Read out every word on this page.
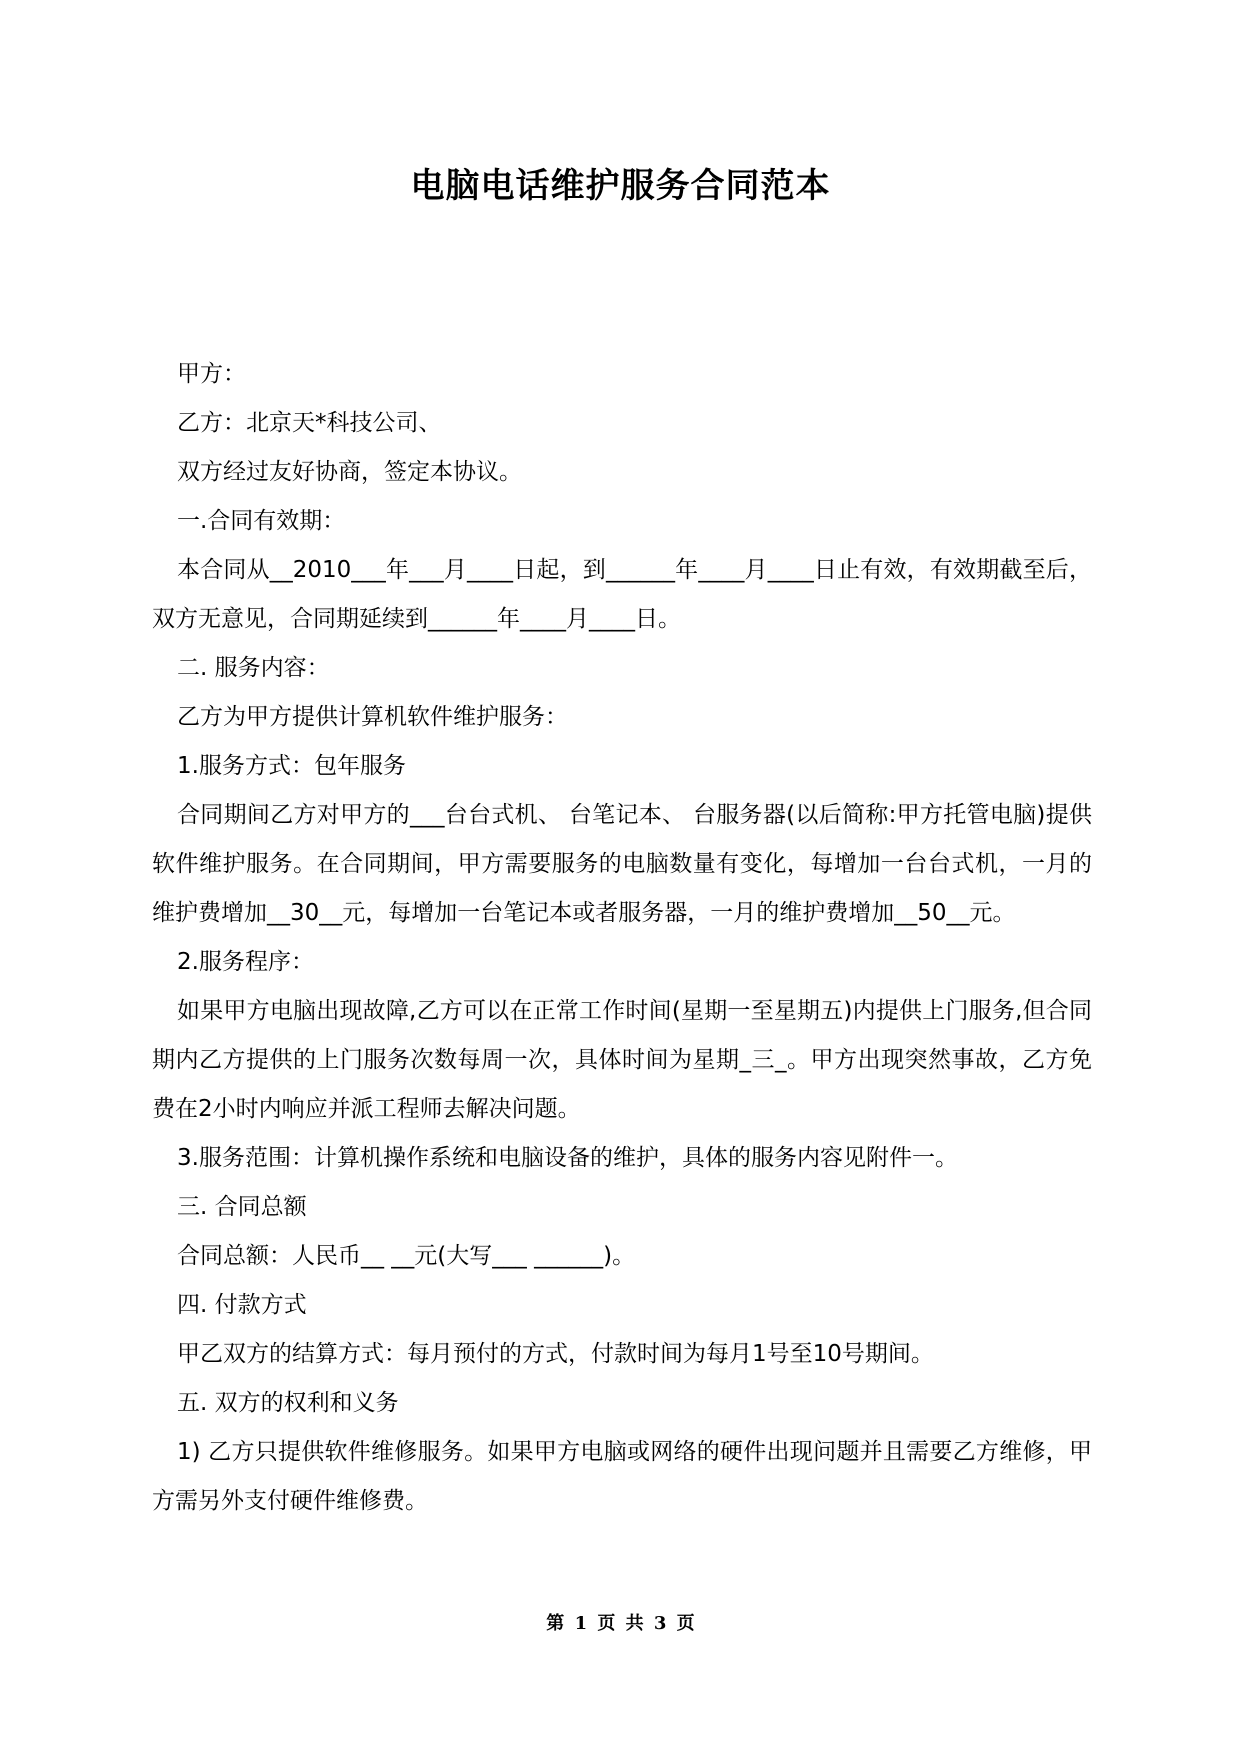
电脑电话维护服务合同范本

甲方：

乙方：北京天*科技公司、

双方经过友好协商，签定本协议。

一.合同有效期：

本合同从__2010___年___月____日起，到______年____月____日止有效，有效期截至后，双方无意见，合同期延续到______年____月____日。

二. 服务内容：

乙方为甲方提供计算机软件维护服务：

1.服务方式：包年服务

合同期间乙方对甲方的___台台式机、 台笔记本、 台服务器(以后简称:甲方托管电脑)提供软件维护服务。在合同期间，甲方需要服务的电脑数量有变化，每增加一台台式机，一月的维护费增加__30__元，每增加一台笔记本或者服务器，一月的维护费增加__50__元。

2.服务程序：

如果甲方电脑出现故障,乙方可以在正常工作时间(星期一至星期五)内提供上门服务,但合同期内乙方提供的上门服务次数每周一次，具体时间为星期_三_。甲方出现突然事故，乙方免费在2小时内响应并派工程师去解决问题。

3.服务范围：计算机操作系统和电脑设备的维护，具体的服务内容见附件一。

三. 合同总额

合同总额：人民币__ __元(大写___ ______)。

四. 付款方式

甲乙双方的结算方式：每月预付的方式，付款时间为每月1号至10号期间。

五. 双方的权利和义务

1) 乙方只提供软件维修服务。如果甲方电脑或网络的硬件出现问题并且需要乙方维修，甲方需另外支付硬件维修费。

第 1 页 共 3 页
